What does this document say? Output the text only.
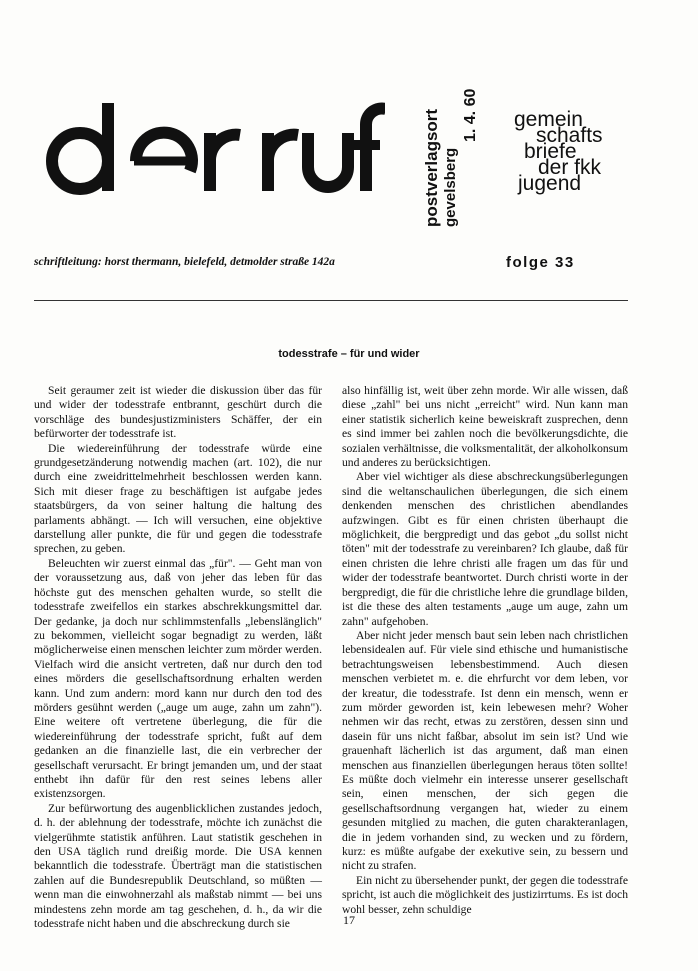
der ruf
postverlagsort gevelsberg
1. 4. 60 gemein
schafts
briefe
der fkk
jugend
schriftleitung: horst thermann, bielefeld, detmolder straße 142a	folge 33
todesstrafe – für und wider

Seit geraumer zeit ist wieder die diskussion über das für und wider der todesstrafe entbrannt, geschürt durch die vorschläge des bundesjustizministers Schäffer, der ein befürworter der todesstrafe ist.

Die wiedereinführung der todesstrafe würde eine grundgesetzänderung notwendig machen (art. 102), die nur durch eine zweidrittelmehrheit beschlossen werden kann. Sich mit dieser frage zu beschäftigen ist aufgabe jedes staatsbürgers, da von seiner haltung die haltung des parlaments abhängt. — Ich will versuchen, eine objektive darstellung aller punkte, die für und gegen die todesstrafe sprechen, zu geben.

Beleuchten wir zuerst einmal das „für". — Geht man von der voraussetzung aus, daß von jeher das leben für das höchste gut des menschen gehalten wurde, so stellt die todesstrafe zweifellos ein starkes abschrekkungsmittel dar. Der gedanke, ja doch nur schlimmstenfalls „lebenslänglich" zu bekommen, vielleicht sogar begnadigt zu werden, läßt möglicherweise einen menschen leichter zum mörder werden. Vielfach wird die ansicht vertreten, daß nur durch den tod eines mörders die gesellschaftsordnung erhalten werden kann. Und zum andern: mord kann nur durch den tod des mörders gesühnt werden („auge um auge, zahn um zahn"). Eine weitere oft vertretene überlegung, die für die wiedereinführung der todesstrafe spricht, fußt auf dem gedanken an die finanzielle last, die ein verbrecher der gesellschaft verursacht. Er bringt jemanden um, und der staat enthebt ihn dafür für den rest seines lebens aller existenzsorgen.

Zur befürwortung des augenblicklichen zustandes jedoch, d. h. der ablehnung der todesstrafe, möchte ich zunächst die vielgerühmte statistik anführen. Laut statistik geschehen in den USA täglich rund dreißig morde. Die USA kennen bekanntlich die todesstrafe. Überträgt man die statistischen zahlen auf die Bundesrepublik Deutschland, so müßten — wenn man die einwohnerzahl als maßstab nimmt — bei uns mindestens zehn morde am tag geschehen, d. h., da wir die todesstrafe nicht haben und die abschreckung durch sie

also hinfällig ist, weit über zehn morde. Wir alle wissen, daß diese „zahl" bei uns nicht „erreicht" wird. Nun kann man einer statistik sicherlich keine beweiskraft zusprechen, denn es sind immer bei zahlen noch die bevölkerungsdichte, die sozialen verhältnisse, die volksmentalität, der alkoholkonsum und anderes zu berücksichtigen.

Aber viel wichtiger als diese abschreckungsüberlegungen sind die weltanschaulichen überlegungen, die sich einem denkenden menschen des christlichen abendlandes aufzwingen. Gibt es für einen christen überhaupt die möglichkeit, die bergpredigt und das gebot „du sollst nicht töten" mit der todesstrafe zu vereinbaren? Ich glaube, daß für einen christen die lehre christi alle fragen um das für und wider der todesstrafe beantwortet. Durch christi worte in der bergpredigt, die für die christliche lehre die grundlage bilden, ist die these des alten testaments „auge um auge, zahn um zahn" aufgehoben.

Aber nicht jeder mensch baut sein leben nach christlichen lebensidealen auf. Für viele sind ethische und humanistische betrachtungsweisen lebensbestimmend. Auch diesen menschen verbietet m. e. die ehrfurcht vor dem leben, vor der kreatur, die todesstrafe. Ist denn ein mensch, wenn er zum mörder geworden ist, kein lebewesen mehr? Woher nehmen wir das recht, etwas zu zerstören, dessen sinn und dasein für uns nicht faßbar, absolut im sein ist? Und wie grauenhaft lächerlich ist das argument, daß man einen menschen aus finanziellen überlegungen heraus töten sollte! Es müßte doch vielmehr ein interesse unserer gesellschaft sein, einen menschen, der sich gegen die gesellschaftsordnung vergangen hat, wieder zu einem gesunden mitglied zu machen, die guten charakteranlagen, die in jedem vorhanden sind, zu wecken und zu fördern, kurz: es müßte aufgabe der exekutive sein, zu bessern und nicht zu strafen.

Ein nicht zu übersehender punkt, der gegen die todesstrafe spricht, ist auch die möglichkeit des justizirrtums. Es ist doch wohl besser, zehn schuldige

17
